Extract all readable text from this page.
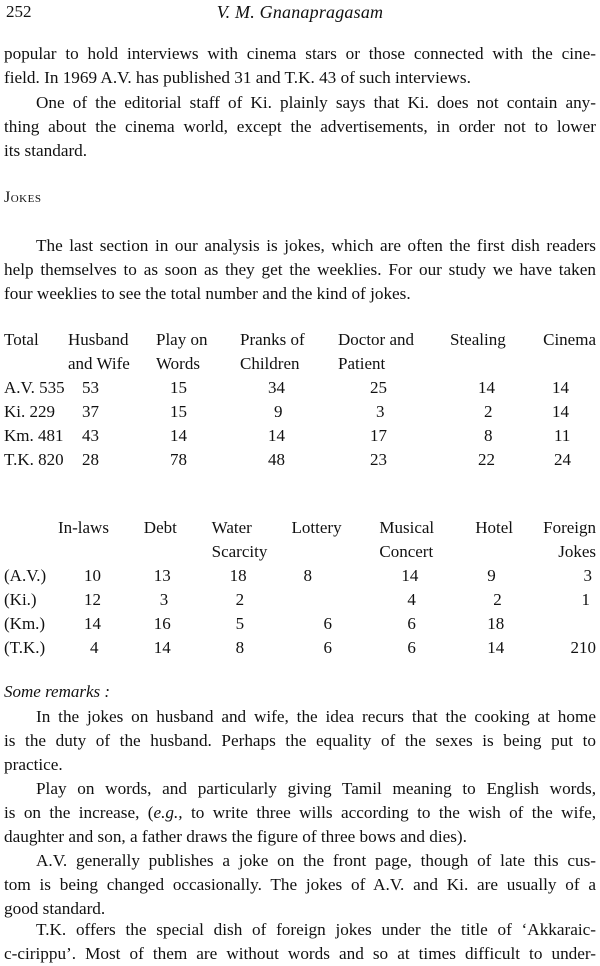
252	V. M. Gnanapragasam
popular to hold interviews with cinema stars or those connected with the cine-
field. In 1969 A.V. has published 31 and T.K. 43 of such interviews.
One of the editorial staff of Ki. plainly says that Ki. does not contain any-
thing about the cinema world, except the advertisements, in order not to lower
its standard.
Jokes
The last section in our analysis is jokes, which are often the first dish readers
help themselves to as soon as they get the weeklies. For our study we have taken
four weeklies to see the total number and the kind of jokes.
Total	Husband	Play on	Pranks of	Doctor and	Stealing	Cinema
	and Wife	Words	Children	Patient		
A.V. 535	53	15	34	25	14	14
Ki. 229	37	15	9	3	2	14
Km. 481	43	14	14	17	8	11
T.K. 820	28	78	48	23	22	24
	In-laws	Debt	Water	Lottery	Musical	Hotel	Foreign
			Scarcity		Concert		Jokes
(A.V.)	10	13	18	8	14	9	3
(Ki.)	12	3	2		4	2	1
(Km.)	14	16	5	6	6	18	
(T.K.)	4	14	8	6	6	14	210
Some remarks :
In the jokes on husband and wife, the idea recurs that the cooking at home
is the duty of the husband. Perhaps the equality of the sexes is being put to
practice.
Play on words, and particularly giving Tamil meaning to English words,
is on the increase, (e.g., to write three wills according to the wish of the wife,
daughter and son, a father draws the figure of three bows and dies).
A.V. generally publishes a joke on the front page, though of late this cus-
tom is being changed occasionally. The jokes of A.V. and Ki. are usually of a
good standard.
T.K. offers the special dish of foreign jokes under the title of ‘Akkaraic-
c-cirippu’. Most of them are without words and so at times difficult to under-
